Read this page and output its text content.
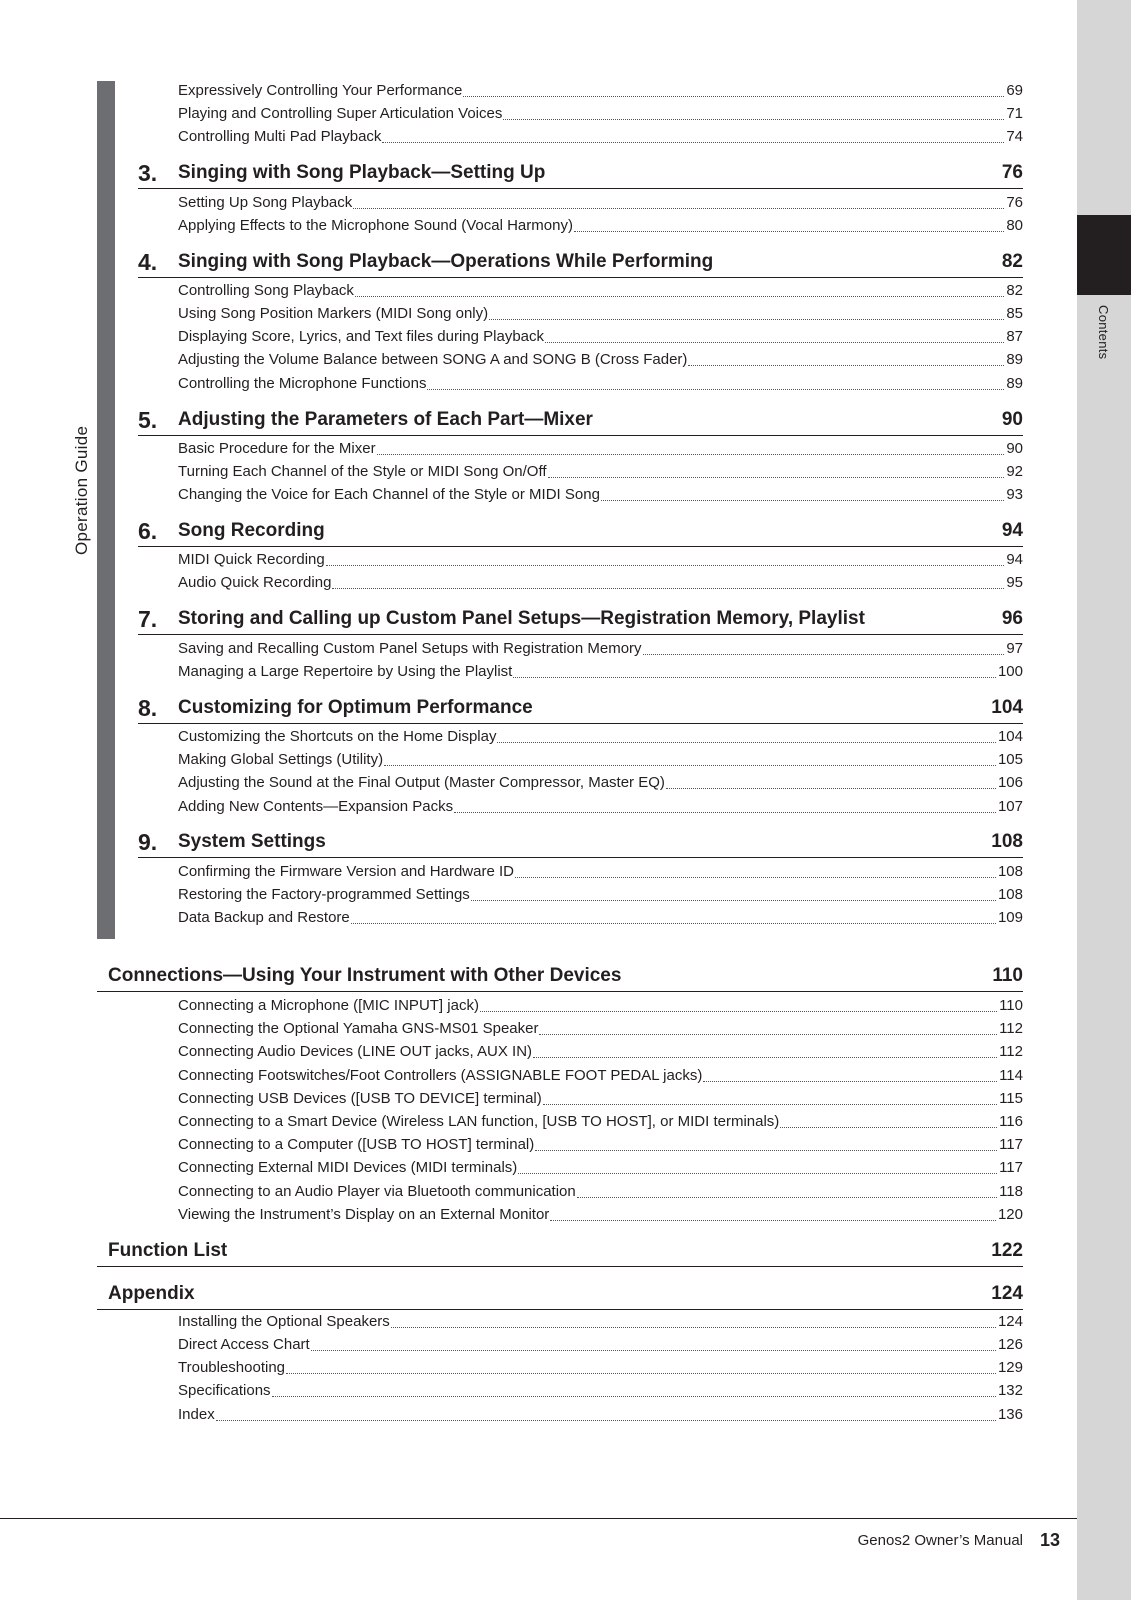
Contents
Operation Guide
Expressively Controlling Your Performance	69
Playing and Controlling Super Articulation Voices	71
Controlling Multi Pad Playback	74
3. Singing with Song Playback—Setting Up	76
Setting Up Song Playback	76
Applying Effects to the Microphone Sound (Vocal Harmony)	80
4. Singing with Song Playback—Operations While Performing	82
Controlling Song Playback	82
Using Song Position Markers (MIDI Song only)	85
Displaying Score, Lyrics, and Text files during Playback	87
Adjusting the Volume Balance between SONG A and SONG B (Cross Fader)	89
Controlling the Microphone Functions	89
5. Adjusting the Parameters of Each Part—Mixer	90
Basic Procedure for the Mixer	90
Turning Each Channel of the Style or MIDI Song On/Off	92
Changing the Voice for Each Channel of the Style or MIDI Song	93
6. Song Recording	94
MIDI Quick Recording	94
Audio Quick Recording	95
7. Storing and Calling up Custom Panel Setups—Registration Memory, Playlist	96
Saving and Recalling Custom Panel Setups with Registration Memory	97
Managing a Large Repertoire by Using the Playlist	100
8. Customizing for Optimum Performance	104
Customizing the Shortcuts on the Home Display	104
Making Global Settings (Utility)	105
Adjusting the Sound at the Final Output (Master Compressor, Master EQ)	106
Adding New Contents—Expansion Packs	107
9. System Settings	108
Confirming the Firmware Version and Hardware ID	108
Restoring the Factory-programmed Settings	108
Data Backup and Restore	109
Connections—Using Your Instrument with Other Devices	110
Connecting a Microphone ([MIC INPUT] jack)	110
Connecting the Optional Yamaha GNS-MS01 Speaker	112
Connecting Audio Devices (LINE OUT jacks, AUX IN)	112
Connecting Footswitches/Foot Controllers (ASSIGNABLE FOOT PEDAL jacks)	114
Connecting USB Devices ([USB TO DEVICE] terminal)	115
Connecting to a Smart Device (Wireless LAN function, [USB TO HOST], or MIDI terminals)	116
Connecting to a Computer ([USB TO HOST] terminal)	117
Connecting External MIDI Devices (MIDI terminals)	117
Connecting to an Audio Player via Bluetooth communication	118
Viewing the Instrument’s Display on an External Monitor	120
Function List	122
Appendix	124
Installing the Optional Speakers	124
Direct Access Chart	126
Troubleshooting	129
Specifications	132
Index	136
Genos2 Owner’s Manual 13
